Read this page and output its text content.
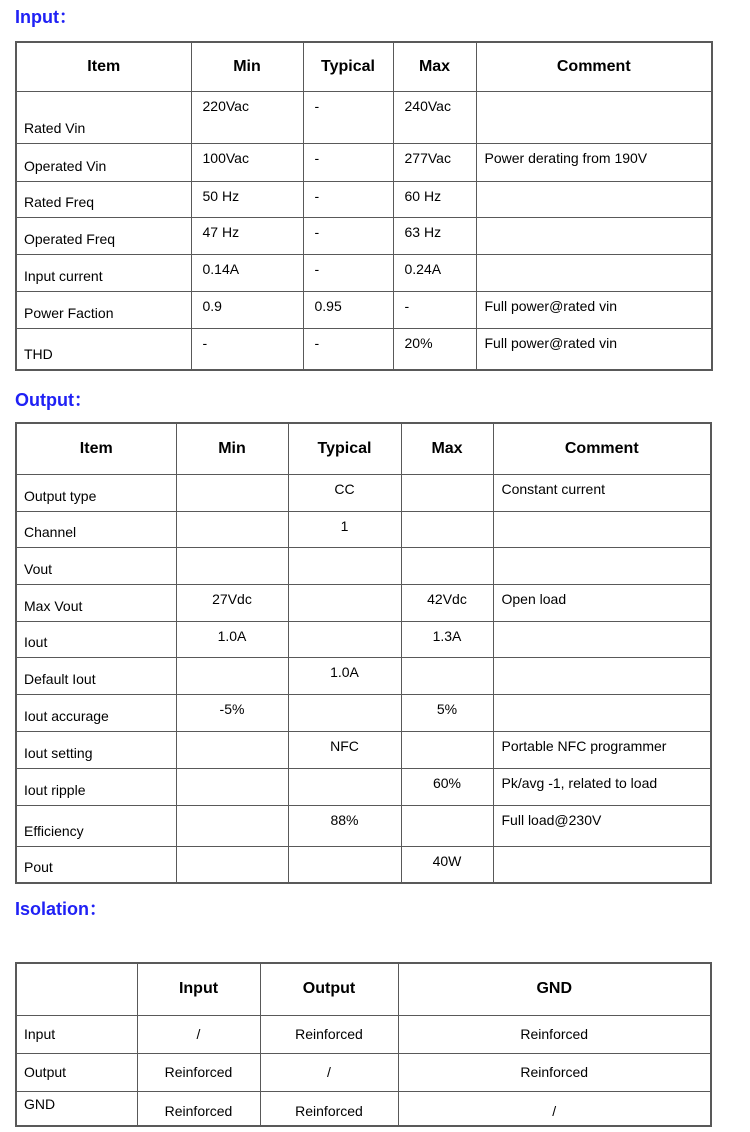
Input：
Item	Min	Typical	Max	Comment
Rated Vin	220Vac	-	240Vac	
Operated Vin	100Vac	-	277Vac	Power derating from 190V
Rated Freq	50 Hz	-	60 Hz	
Operated Freq	47 Hz	-	63 Hz	
Input current	0.14A	-	0.24A	
Power Faction	0.9	0.95	-	Full power@rated vin
THD	-	-	20%	Full power@rated vin
Output：
Item	Min	Typical	Max	Comment
Output type		CC		Constant current
Channel		1		
Vout				
Max Vout	27Vdc		42Vdc	Open load
Iout	1.0A		1.3A	
Default Iout		1.0A		
Iout accurage	-5%		5%	
Iout setting		NFC		Portable NFC programmer
Iout ripple			60%	Pk/avg -1, related to load
Efficiency		88%		Full load@230V
Pout			40W	
Isolation：
	Input	Output	GND
Input	/	Reinforced	Reinforced
Output	Reinforced	/	Reinforced
GND	Reinforced	Reinforced	/
